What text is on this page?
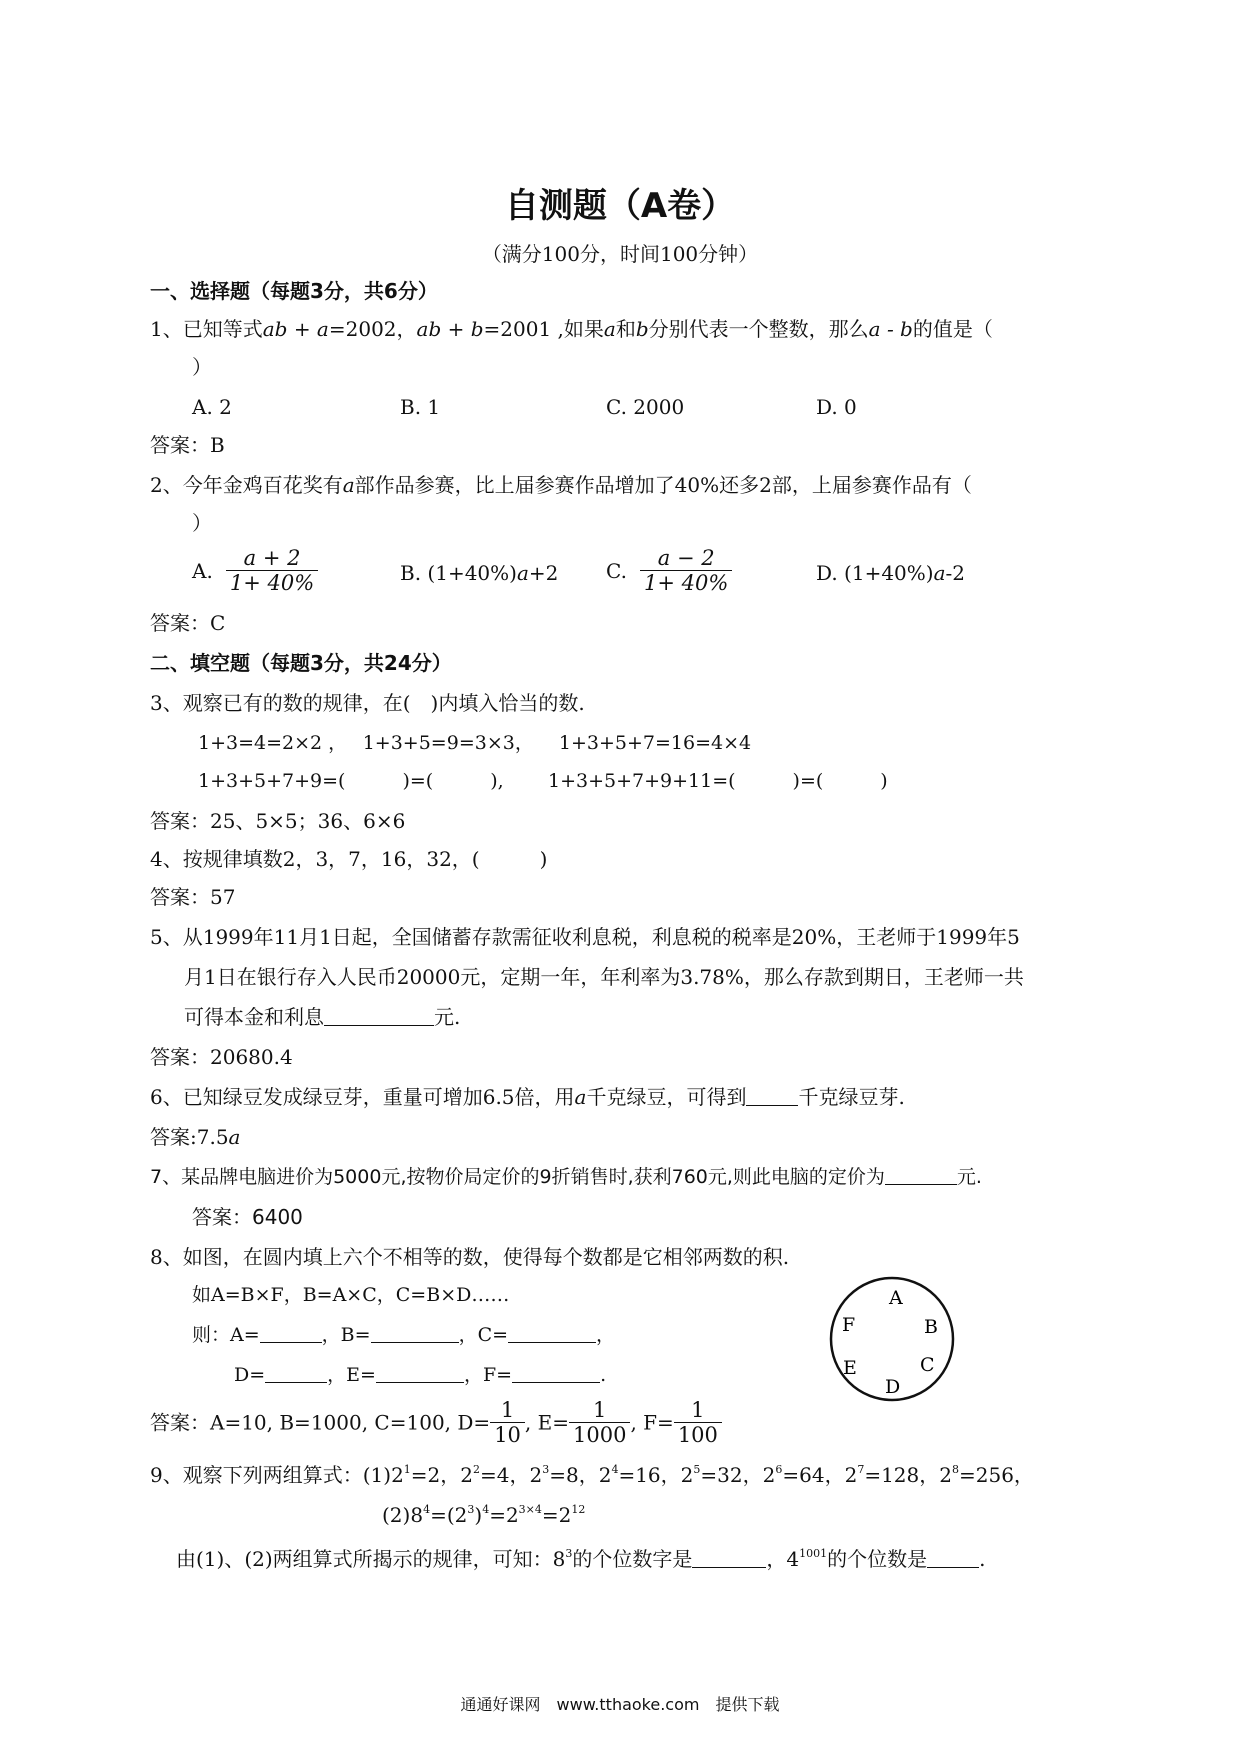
自测题（A卷）
（满分100分，时间100分钟）
一、选择题（每题3分，共6分）
1、已知等式ab + a=2002，ab + b=2001 ,如果a和b分别代表一个整数，那么a - b的值是（
）
A. 2	B. 1	C. 2000	D. 0
答案：B
2、今年金鸡百花奖有a部作品参赛，比上届参赛作品增加了40%还多2部，上届参赛作品有（
）
A. $\frac{a + 2}{1+ 40\%}$	B. (1+40%)a+2 C. $\frac{a - 2}{1+ 40\%}$	D. (1+40%)a-2
答案：C
二、填空题（每题3分，共24分）
3、观察已有的数的规律，在(　)内填入恰当的数.
1+3=4=2×2 ，　 1+3+5=9=3×3， 　1+3+5+7=16=4×4
1+3+5+7+9=(　　　)=(　　　), 1+3+5+7+9+11=(　　　)=(　　　)
答案：25、5×5；36、6×6
4、按规律填数2，3，7，16，32，(　　　)
答案：57
5、从1999年11月1日起，全国储蓄存款需征收利息税，利息税的税率是20%，王老师于1999年5
月1日在银行存入人民币20000元，定期一年，年利率为3.78%，那么存款到期日，王老师一共
可得本金和利息	元.
答案：20680.4
6、已知绿豆发成绿豆芽，重量可增加6.5倍，用a千克绿豆，可得到	千克绿豆芽.
答案:7.5a
7、某品牌电脑进价为5000元,按物价局定价的9折销售时,获利760元,则此电脑的定价为	元.
答案：6400
8、如图，在圆内填上六个不相等的数，使得每个数都是它相邻两数的积.
如A=B×F，B=A×C，C=B×D……
则：A=	，B=	，C=	，
D=	，E=	，F=	.
A
B
C
D
E
F
答案：A=10, B=1000, C=100, $D= \frac{1}{10}$ , $E= \frac{1}{1000}$ , $F= \frac{1}{100}$
9、观察下列两组算式：$(1)2^1=2$，$2^2=4$，$2^3=8$，$2^4=16$，$2^5=32$，$2^6=64$，$2^7=128$，$2^8=256$，
$(2)8^4=(2^3)^4=2^{3\times 4}=2^{12}$
由(1)、(2)两组算式所揭示的规律，可知：$8^3$的个位数字是	，$4^{1001}$的个位数是	.
通通好课网　www.tthaoke.com　提供下载
